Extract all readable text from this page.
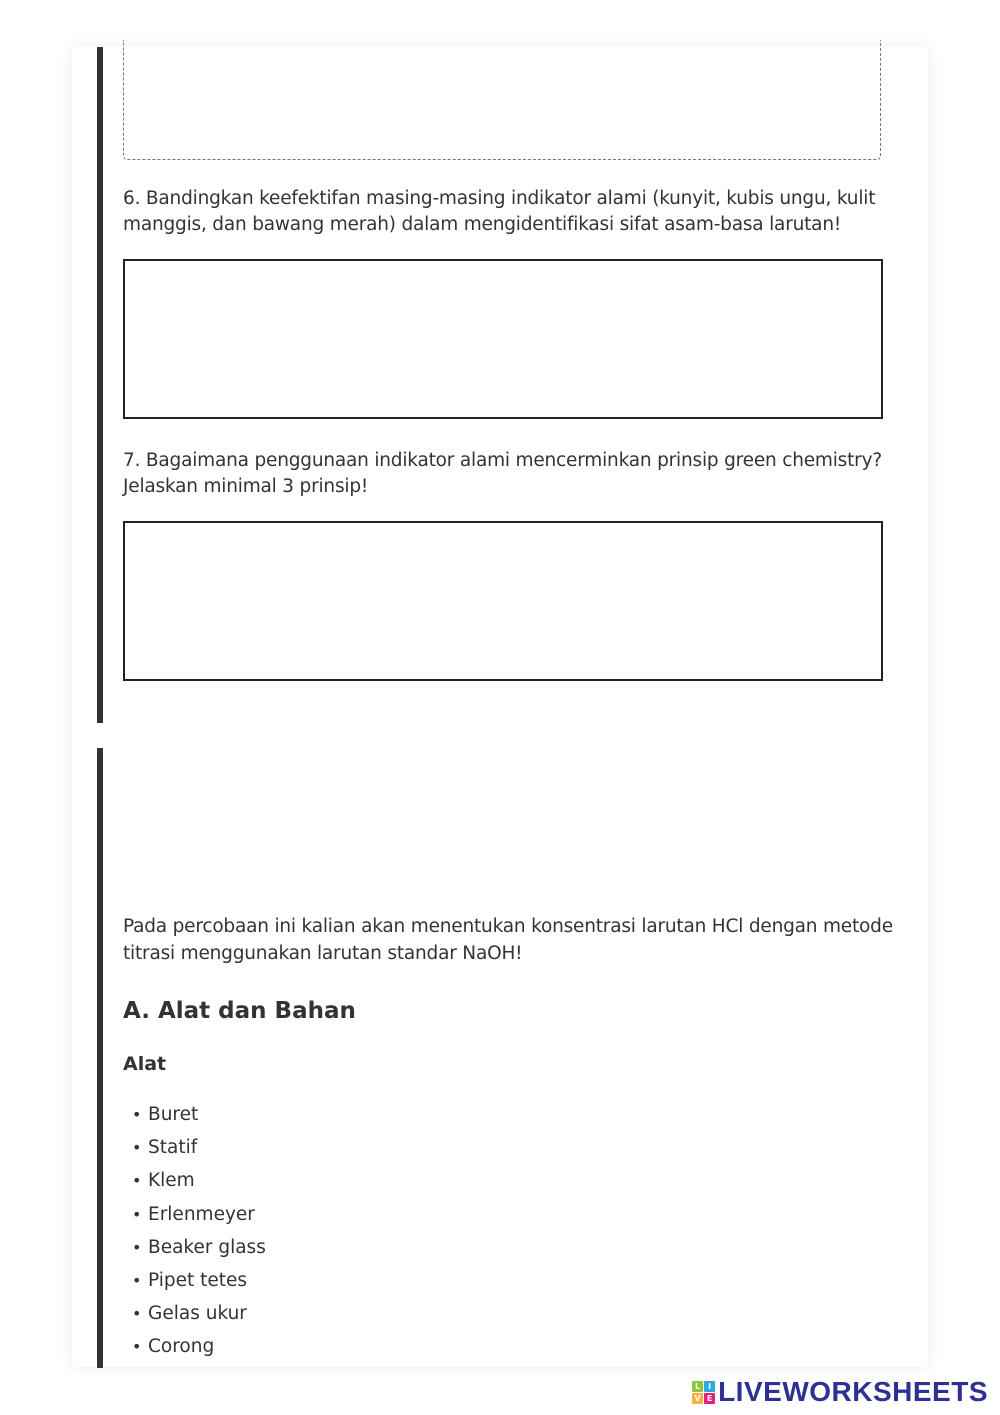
6. Bandingkan keefektifan masing-masing indikator alami (kunyit, kubis ungu, kulit manggis, dan bawang merah) dalam mengidentifikasi sifat asam-basa larutan!

7. Bagaimana penggunaan indikator alami mencerminkan prinsip green chemistry? Jelaskan minimal 3 prinsip!

Pada percobaan ini kalian akan menentukan konsentrasi larutan HCl dengan metode titrasi menggunakan larutan standar NaOH!

A. Alat dan Bahan
Alat
• Buret
• Statif
• Klem
• Erlenmeyer
• Beaker glass
• Pipet tetes
• Gelas ukur
• Corong
L I
V E LIVEWORKSHEETS
